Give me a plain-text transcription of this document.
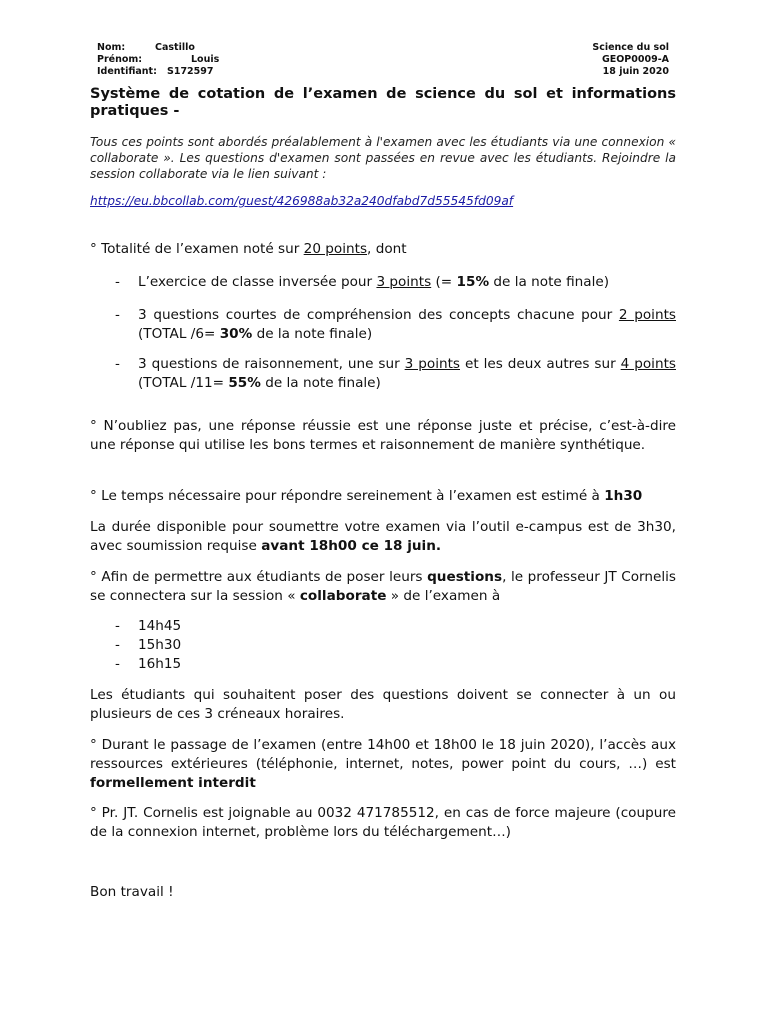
Nom:	Castillo
Prénom:	Louis
Identifiant: S172597
Science du sol
GEOP0009-A
18 juin 2020
Système de cotation de l’examen de science du sol et informations pratiques -
Tous ces points sont abordés préalablement à l'examen avec les étudiants via une connexion « collaborate ». Les questions d'examen sont passées en revue avec les étudiants. Rejoindre la session collaborate via le lien suivant :
https://eu.bbcollab.com/guest/426988ab32a240dfabd7d55545fd09af
° Totalité de l’examen noté sur 20 points, dont
- L’exercice de classe inversée pour 3 points (= 15% de la note finale)
- 3 questions courtes de compréhension des concepts chacune pour 2 points (TOTAL /6= 30% de la note finale)
- 3 questions de raisonnement, une sur 3 points et les deux autres sur 4 points (TOTAL /11= 55% de la note finale)
° N’oubliez pas, une réponse réussie est une réponse juste et précise, c’est-à-dire une réponse qui utilise les bons termes et raisonnement de manière synthétique.
° Le temps nécessaire pour répondre sereinement à l’examen est estimé à 1h30
La durée disponible pour soumettre votre examen via l’outil e-campus est de 3h30, avec soumission requise avant 18h00 ce 18 juin.
° Afin de permettre aux étudiants de poser leurs questions, le professeur JT Cornelis se connectera sur la session « collaborate » de l’examen à
- 14h45
- 15h30
- 16h15
Les étudiants qui souhaitent poser des questions doivent se connecter à un ou plusieurs de ces 3 créneaux horaires.
° Durant le passage de l’examen (entre 14h00 et 18h00 le 18 juin 2020), l’accès aux ressources extérieures (téléphonie, internet, notes, power point du cours, …) est formellement interdit
° Pr. JT. Cornelis est joignable au 0032 471785512, en cas de force majeure (coupure de la connexion internet, problème lors du téléchargement…)
Bon travail !
